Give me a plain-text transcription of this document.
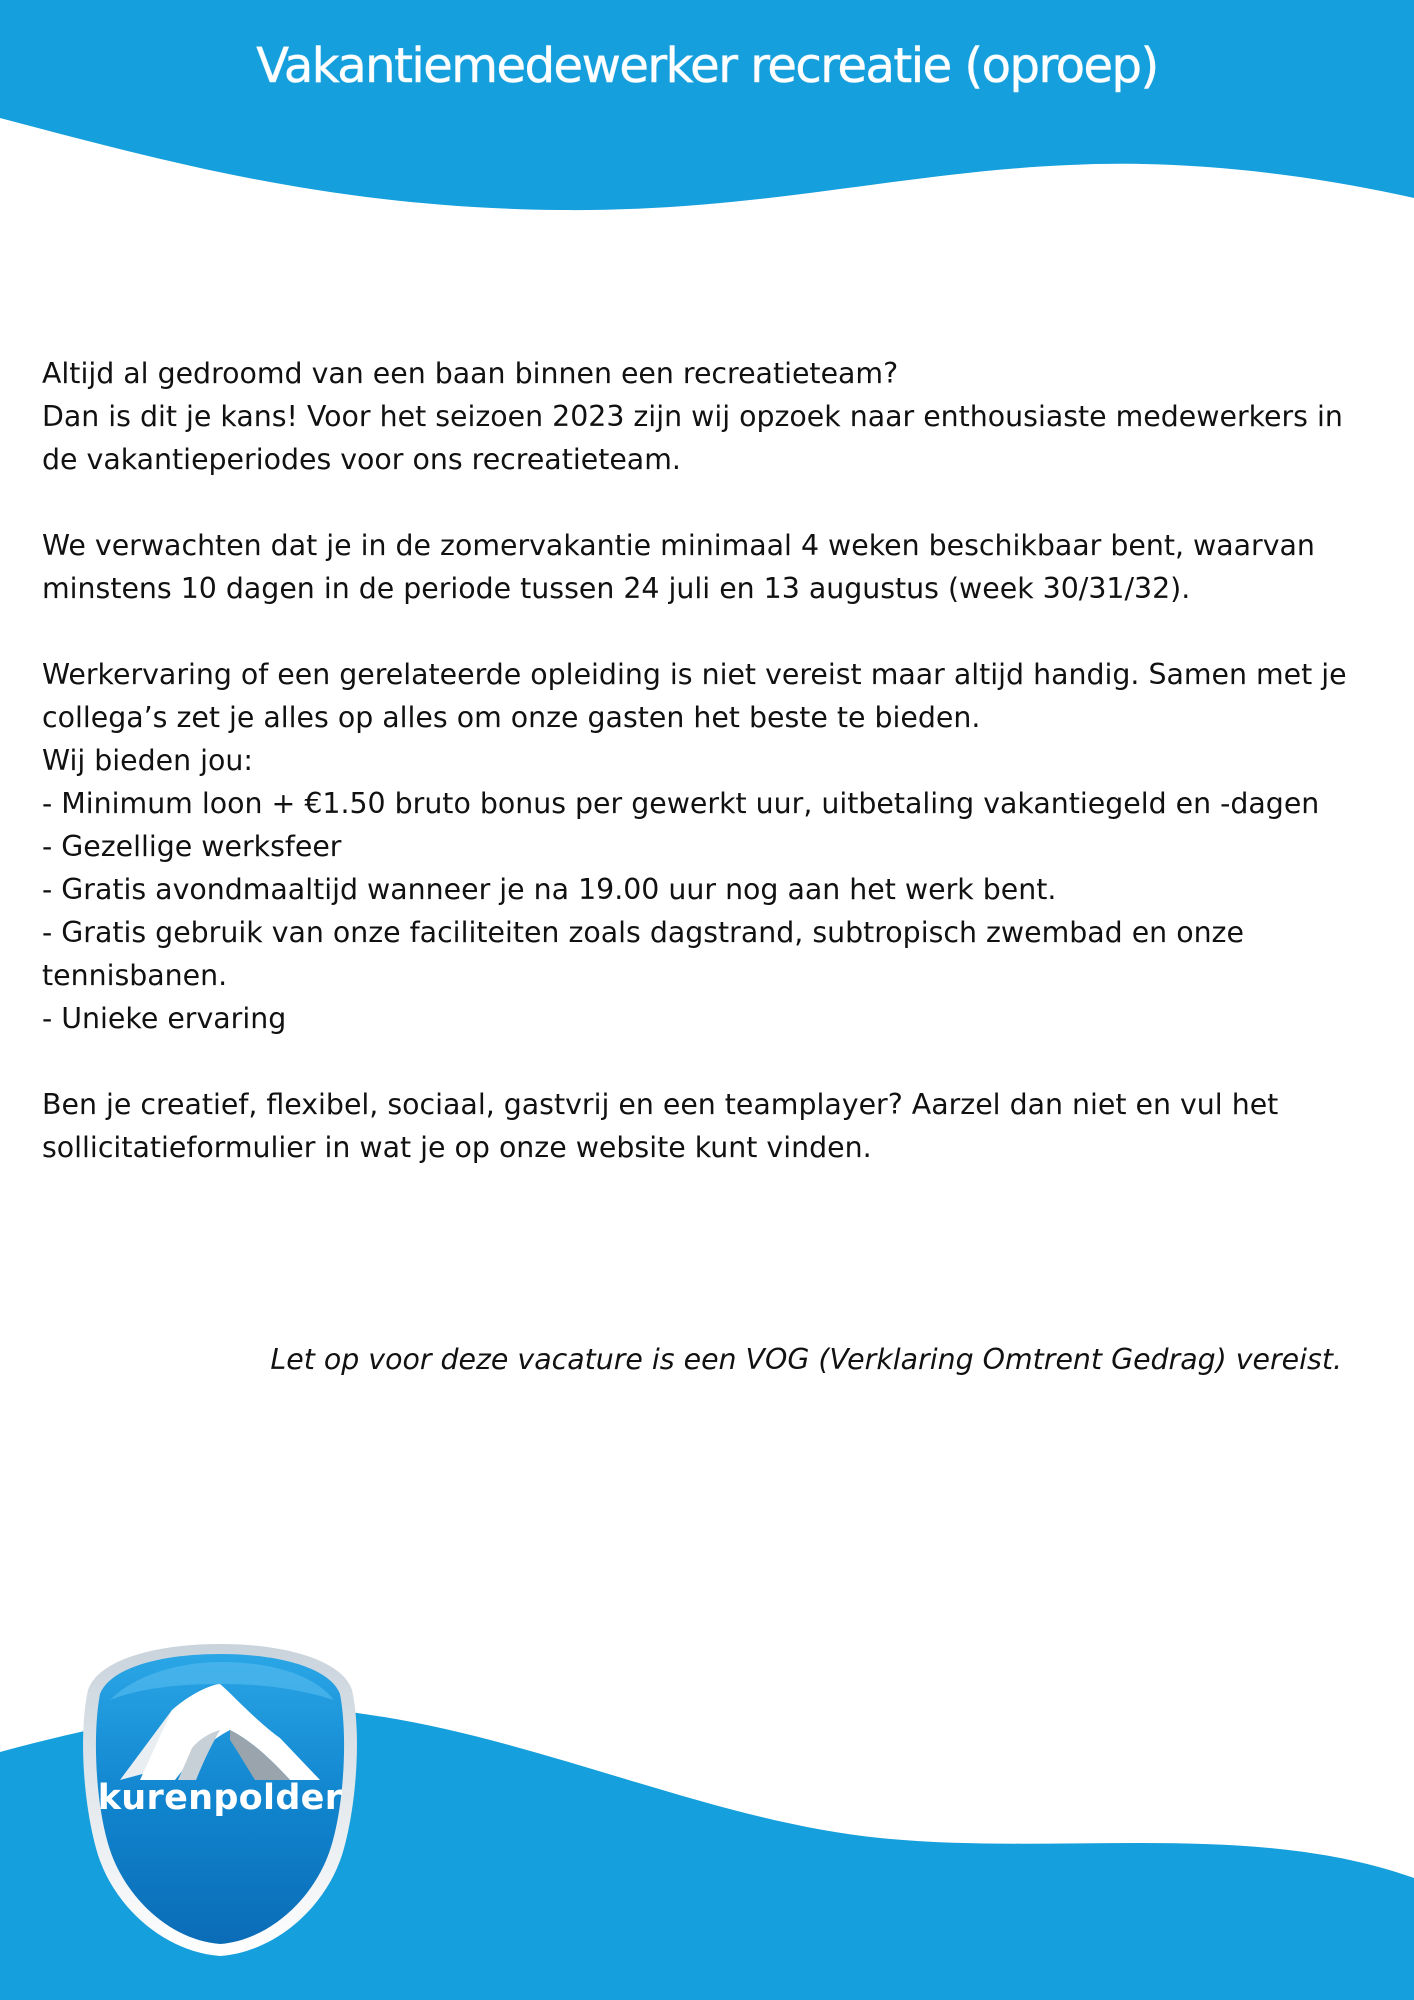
Vakantiemedewerker recreatie (oproep)

Altijd al gedroomd van een baan binnen een recreatieteam?

Dan is dit je kans! Voor het seizoen 2023 zijn wij opzoek naar enthousiaste medewerkers in de vakantieperiodes voor ons recreatieteam.

We verwachten dat je in de zomervakantie minimaal 4 weken beschikbaar bent, waarvan minstens 10 dagen in de periode tussen 24 juli en 13 augustus (week 30/31/32).

Werkervaring of een gerelateerde opleiding is niet vereist maar altijd handig. Samen met je collega’s zet je alles op alles om onze gasten het beste te bieden.

Wij bieden jou:

- Minimum loon + €1.50 bruto bonus per gewerkt uur, uitbetaling vakantiegeld en -dagen

- Gezellige werksfeer

- Gratis avondmaaltijd wanneer je na 19.00 uur nog aan het werk bent.

- Gratis gebruik van onze faciliteiten zoals dagstrand, subtropisch zwembad en onze tennisbanen.

- Unieke ervaring

Ben je creatief, flexibel, sociaal, gastvrij en een teamplayer? Aarzel dan niet en vul het sollicitatieformulier in wat je op onze website kunt vinden.

Let op voor deze vacature is een VOG (Verklaring Omtrent Gedrag) vereist.
kurenpolder
